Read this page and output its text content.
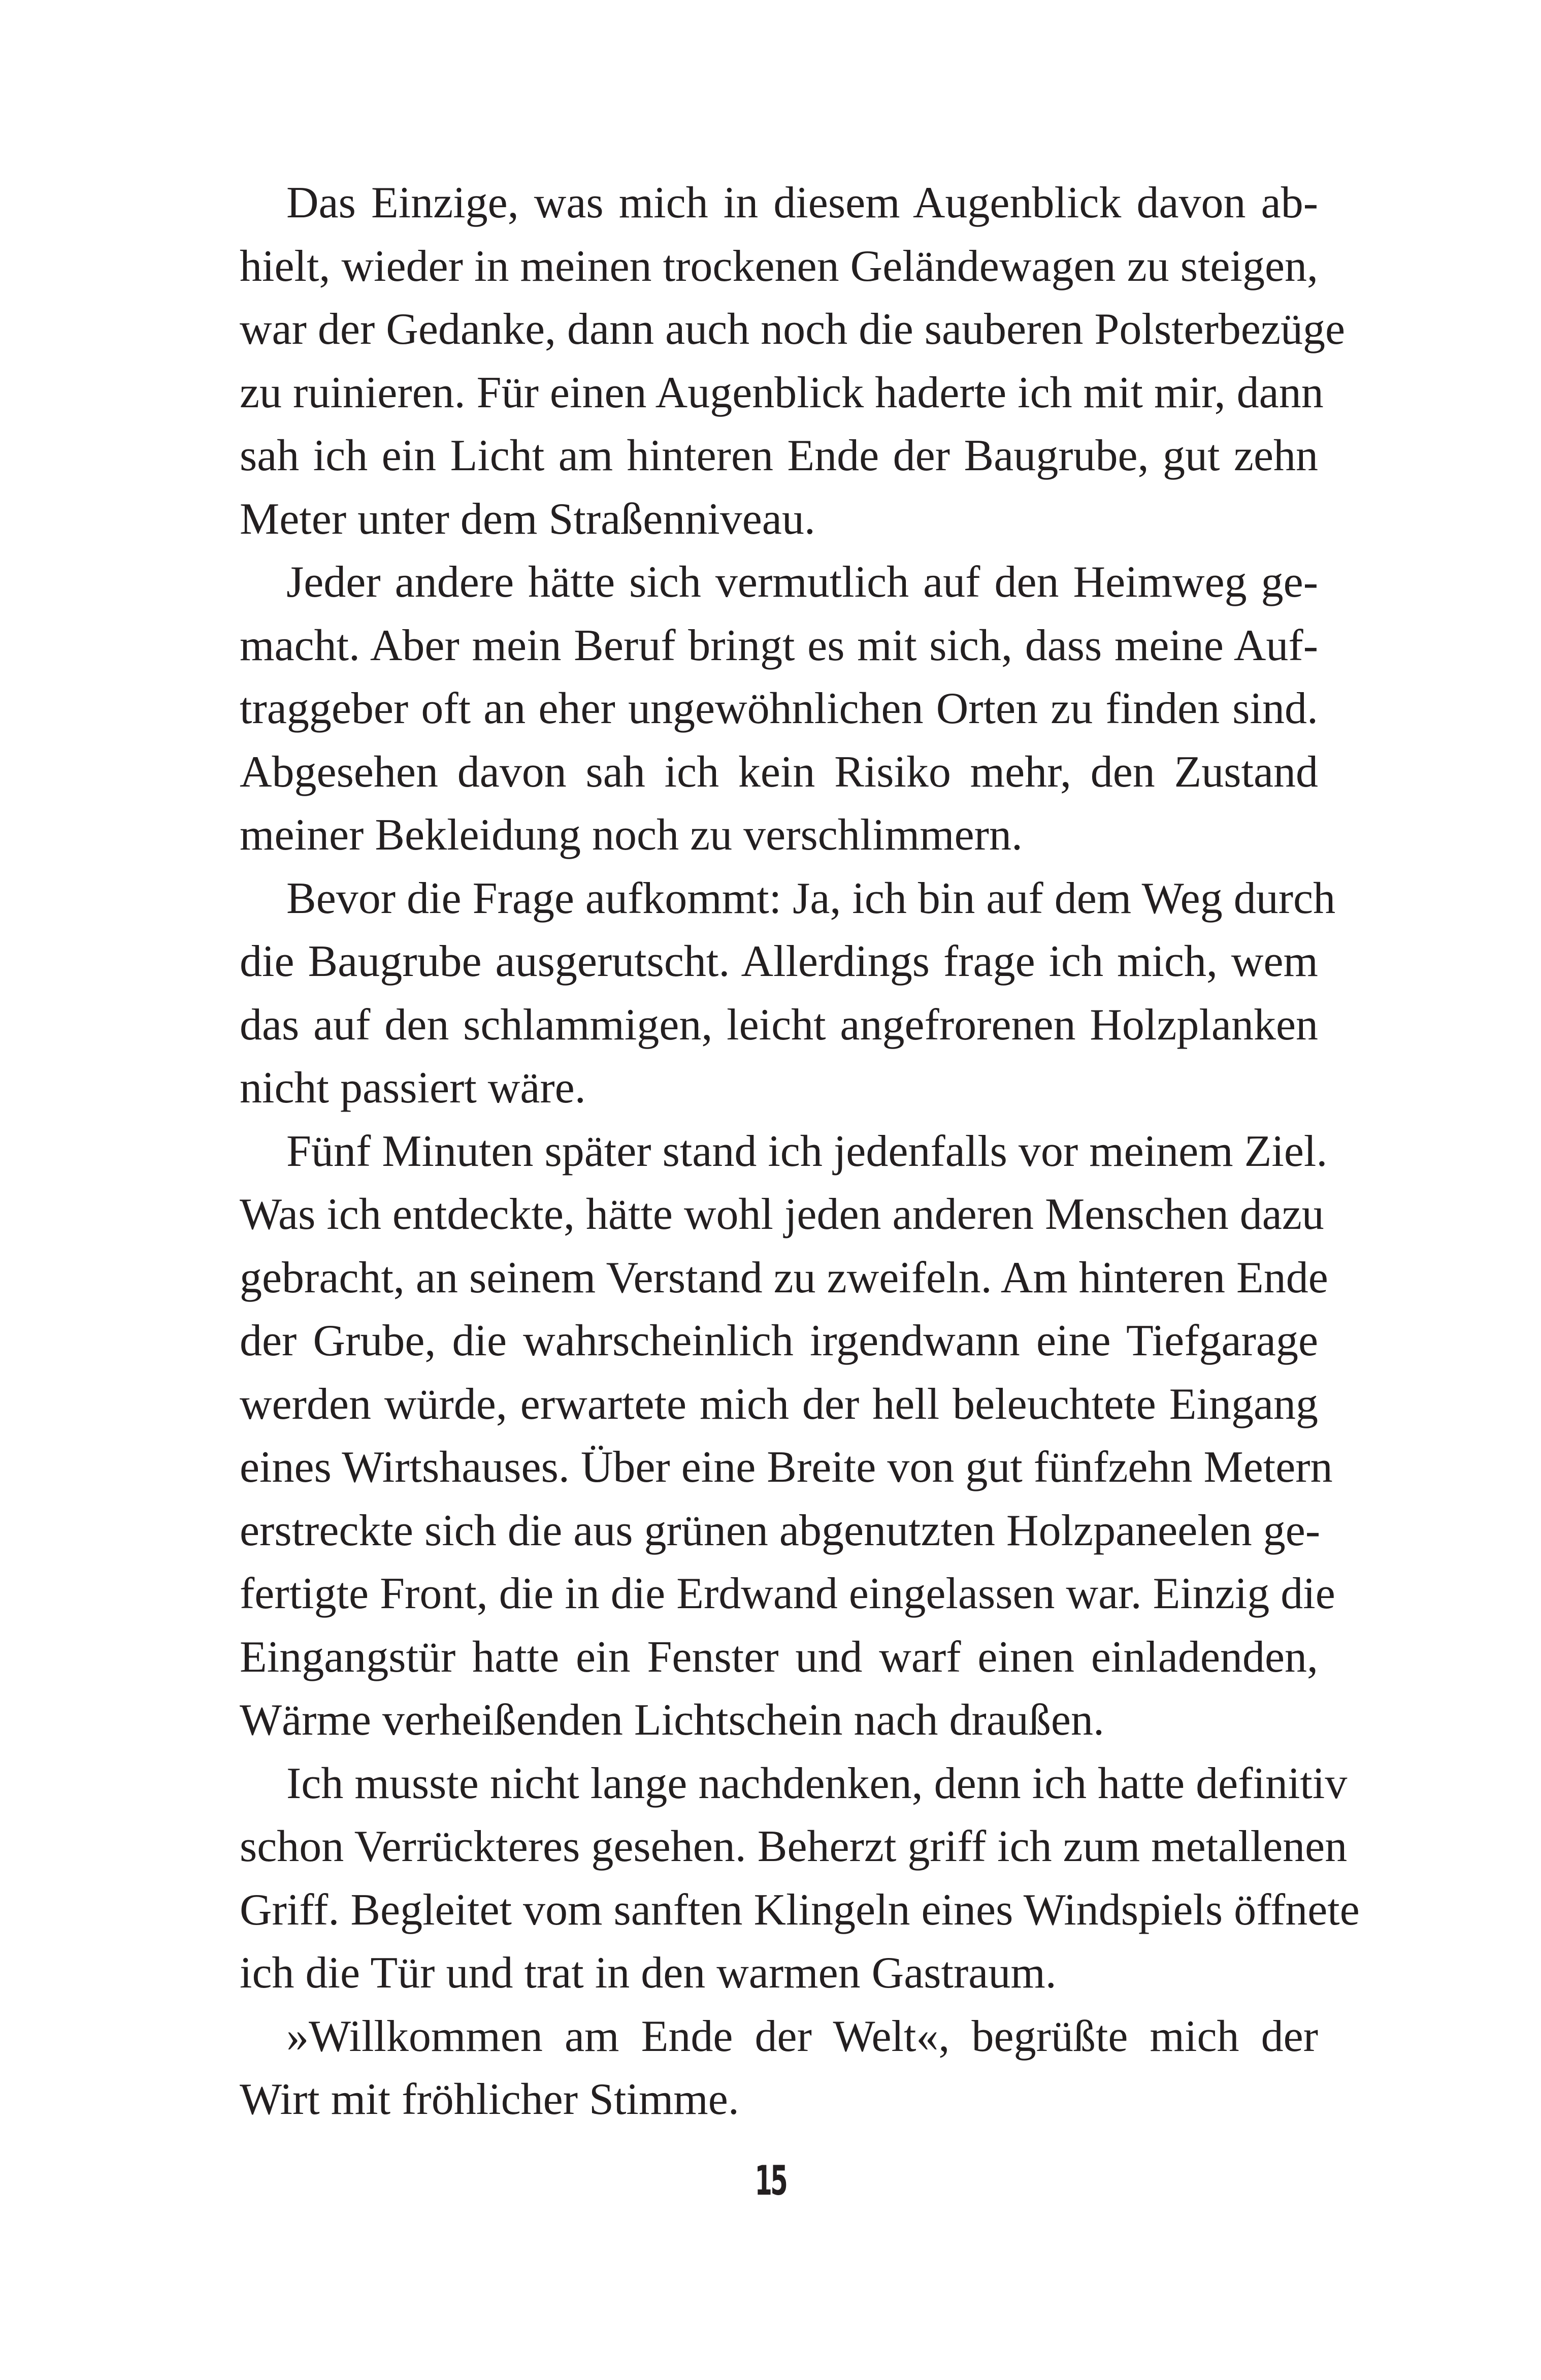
Das Einzige, was mich in diesem Augenblick davon ab-
hielt, wieder in meinen trockenen Geländewagen zu steigen,
war der Gedanke, dann auch noch die sauberen Polsterbezüge
zu ruinieren. Für einen Augenblick haderte ich mit mir, dann
sah ich ein Licht am hinteren Ende der Baugrube, gut zehn
Meter unter dem Straßenniveau.
Jeder andere hätte sich vermutlich auf den Heimweg ge-
macht. Aber mein Beruf bringt es mit sich, dass meine Auf-
traggeber oft an eher ungewöhnlichen Orten zu finden sind.
Abgesehen davon sah ich kein Risiko mehr, den Zustand
meiner Bekleidung noch zu verschlimmern.
Bevor die Frage aufkommt: Ja, ich bin auf dem Weg durch
die Baugrube ausgerutscht. Allerdings frage ich mich, wem
das auf den schlammigen, leicht angefrorenen Holzplanken
nicht passiert wäre.
Fünf Minuten später stand ich jedenfalls vor meinem Ziel.
Was ich entdeckte, hätte wohl jeden anderen Menschen dazu
gebracht, an seinem Verstand zu zweifeln. Am hinteren Ende
der Grube, die wahrscheinlich irgendwann eine Tiefgarage
werden würde, erwartete mich der hell beleuchtete Eingang
eines Wirtshauses. Über eine Breite von gut fünfzehn Metern
erstreckte sich die aus grünen abgenutzten Holzpaneelen ge-
fertigte Front, die in die Erdwand eingelassen war. Einzig die
Eingangstür hatte ein Fenster und warf einen einladenden,
Wärme verheißenden Lichtschein nach draußen.
Ich musste nicht lange nachdenken, denn ich hatte definitiv
schon Verrückteres gesehen. Beherzt griff ich zum metallenen
Griff. Begleitet vom sanften Klingeln eines Windspiels öffnete
ich die Tür und trat in den warmen Gastraum.
»Willkommen am Ende der Welt«, begrüßte mich der
Wirt mit fröhlicher Stimme.
15
